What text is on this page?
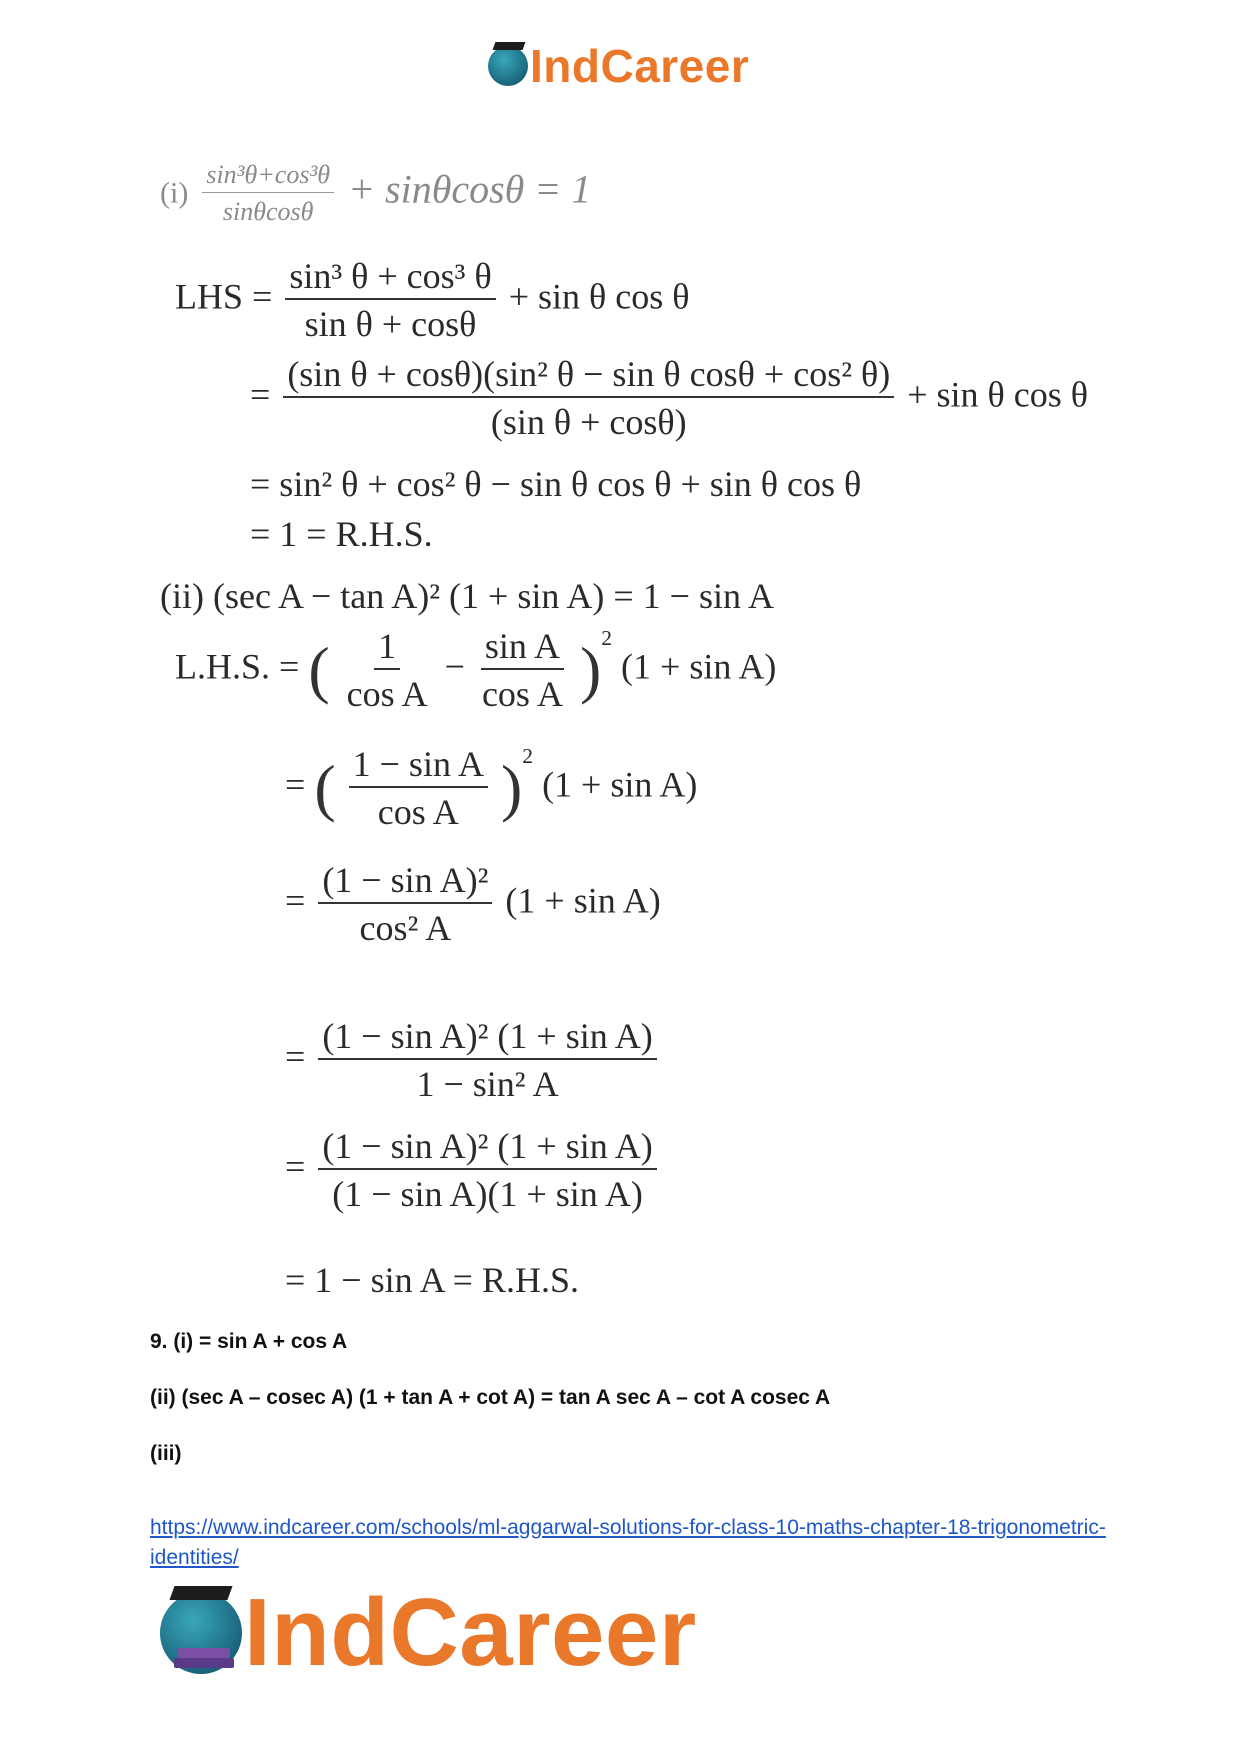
IndCareer
$(i) \frac{\text{sin³θ+cos³θ}}{\sin\theta\cos\theta} + \sin\theta\cos\theta = 1$
LHS = $\frac{\text{sin³ θ + cos³ θ}}{\text{sin θ + cosθ}} + \sin \theta$ cos θ
= $\frac{\text{(sin θ + cosθ)(sin² θ − sin θ cosθ + cos² θ)}}{\text{(sin θ + cosθ)}} + \sin \theta$ cos θ
= sin² θ + cos² θ − sin θ cos θ + sin θ cos θ
= 1 = R.H.S.
(ii) (sec A − tan A)² (1 + sin A) = 1 − sin A
L.H.S. = ( $\frac{1}{\text{cos A}} - \frac{\text{sin A}}{\text{cos A}} )^2$ (1 + sin A)
= ( $\frac{\text{1 − sin A}}{\text{cos A}} )^2$ (1 + sin A)
= $\frac{\text{(1 − sin A)²}}{\text{cos² A}} (1 + \sin A)$
= $\frac{\text{(1 − sin A)² (1 + sin A)}}{\text{1 − sin² A}}$
= $\frac{\text{(1 − sin A)² (1 + sin A)}}{\text{(1 − sin A)(1 + sin A)}}$
= 1 − sin A = R.H.S.
9. (i) = sin A + cos A
(ii) (sec A – cosec A) (1 + tan A + cot A) = tan A sec A – cot A cosec A
(iii)
https://www.indcareer.com/schools/ml-aggarwal-solutions-for-class-10-maths-chapter-18-trigonometric-identities/
IndCareer
